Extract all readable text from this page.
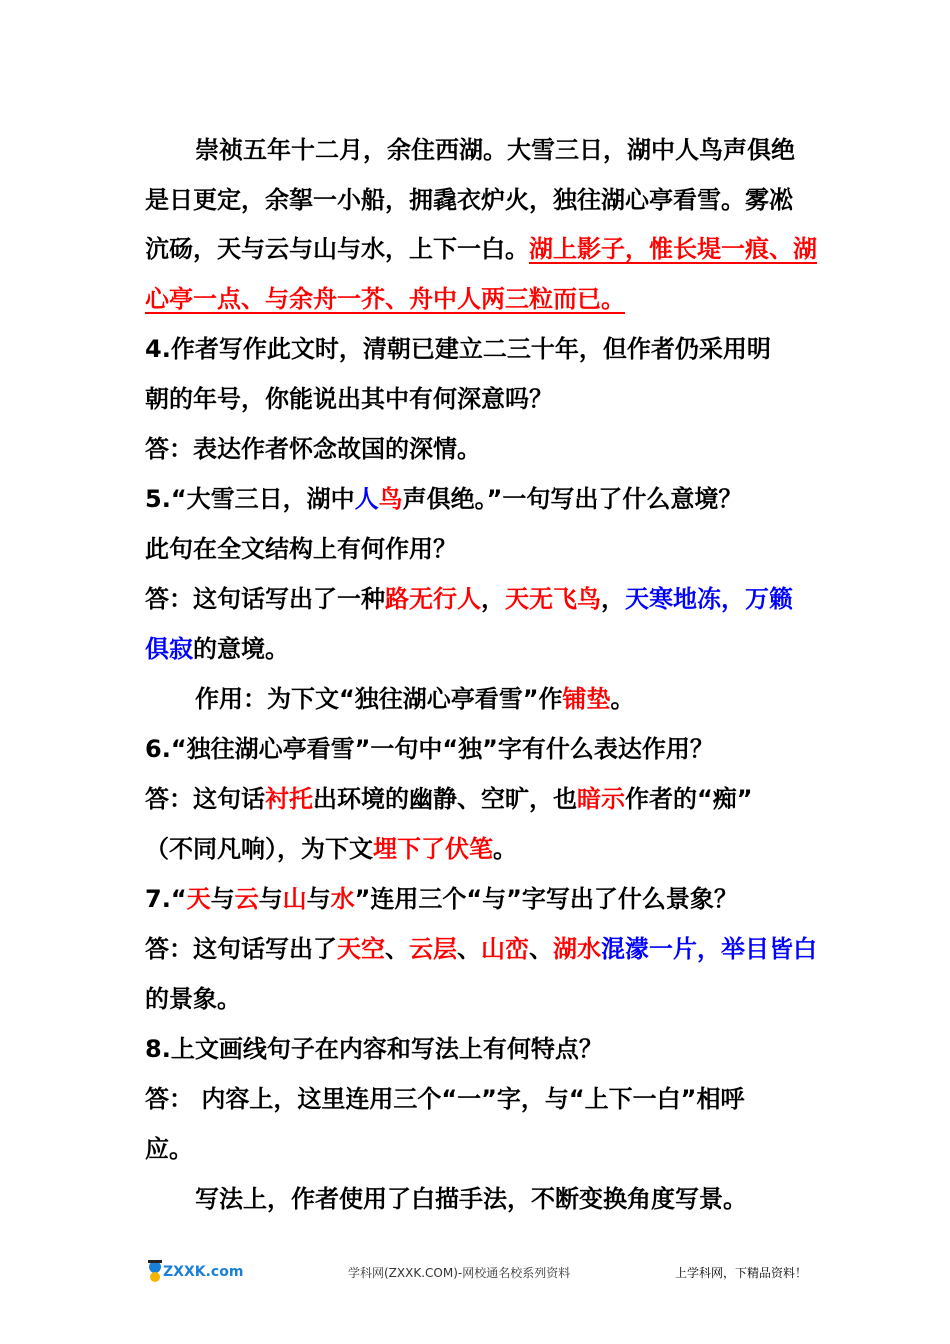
崇祯五年十二月，余住西湖。大雪三日，湖中人鸟声俱绝
是日更定，余挐一小船，拥毳衣炉火，独往湖心亭看雪。雾凇
沆砀，天与云与山与水，上下一白。湖上影子，惟长堤一痕、湖
心亭一点、与余舟一芥、舟中人两三粒而已。
4.作者写作此文时，清朝已建立二三十年，但作者仍采用明
朝的年号，你能说出其中有何深意吗？
答：表达作者怀念故国的深情。
5.“大雪三日，湖中人鸟声俱绝。”一句写出了什么意境？
此句在全文结构上有何作用？
答：这句话写出了一种路无行人，天无飞鸟，天寒地冻，万籁
俱寂的意境。
作用：为下文“独往湖心亭看雪”作铺垫。
6.“独往湖心亭看雪”一句中“独”字有什么表达作用？
答：这句话衬托出环境的幽静、空旷，也暗示作者的“痴”
（不同凡响），为下文埋下了伏笔。
7.“天与云与山与水”连用三个“与”字写出了什么景象？
答：这句话写出了天空、云层、山峦、湖水混濛一片，举目皆白
的景象。
8.上文画线句子在内容和写法上有何特点？
答： 内容上，这里连用三个“一”字，与“上下一白”相呼
应。
写法上，作者使用了白描手法，不断变换角度写景。
ZXXK.com	学科网(ZXXK.COM)-网校通名校系列资料	上学科网，下精品资料！
